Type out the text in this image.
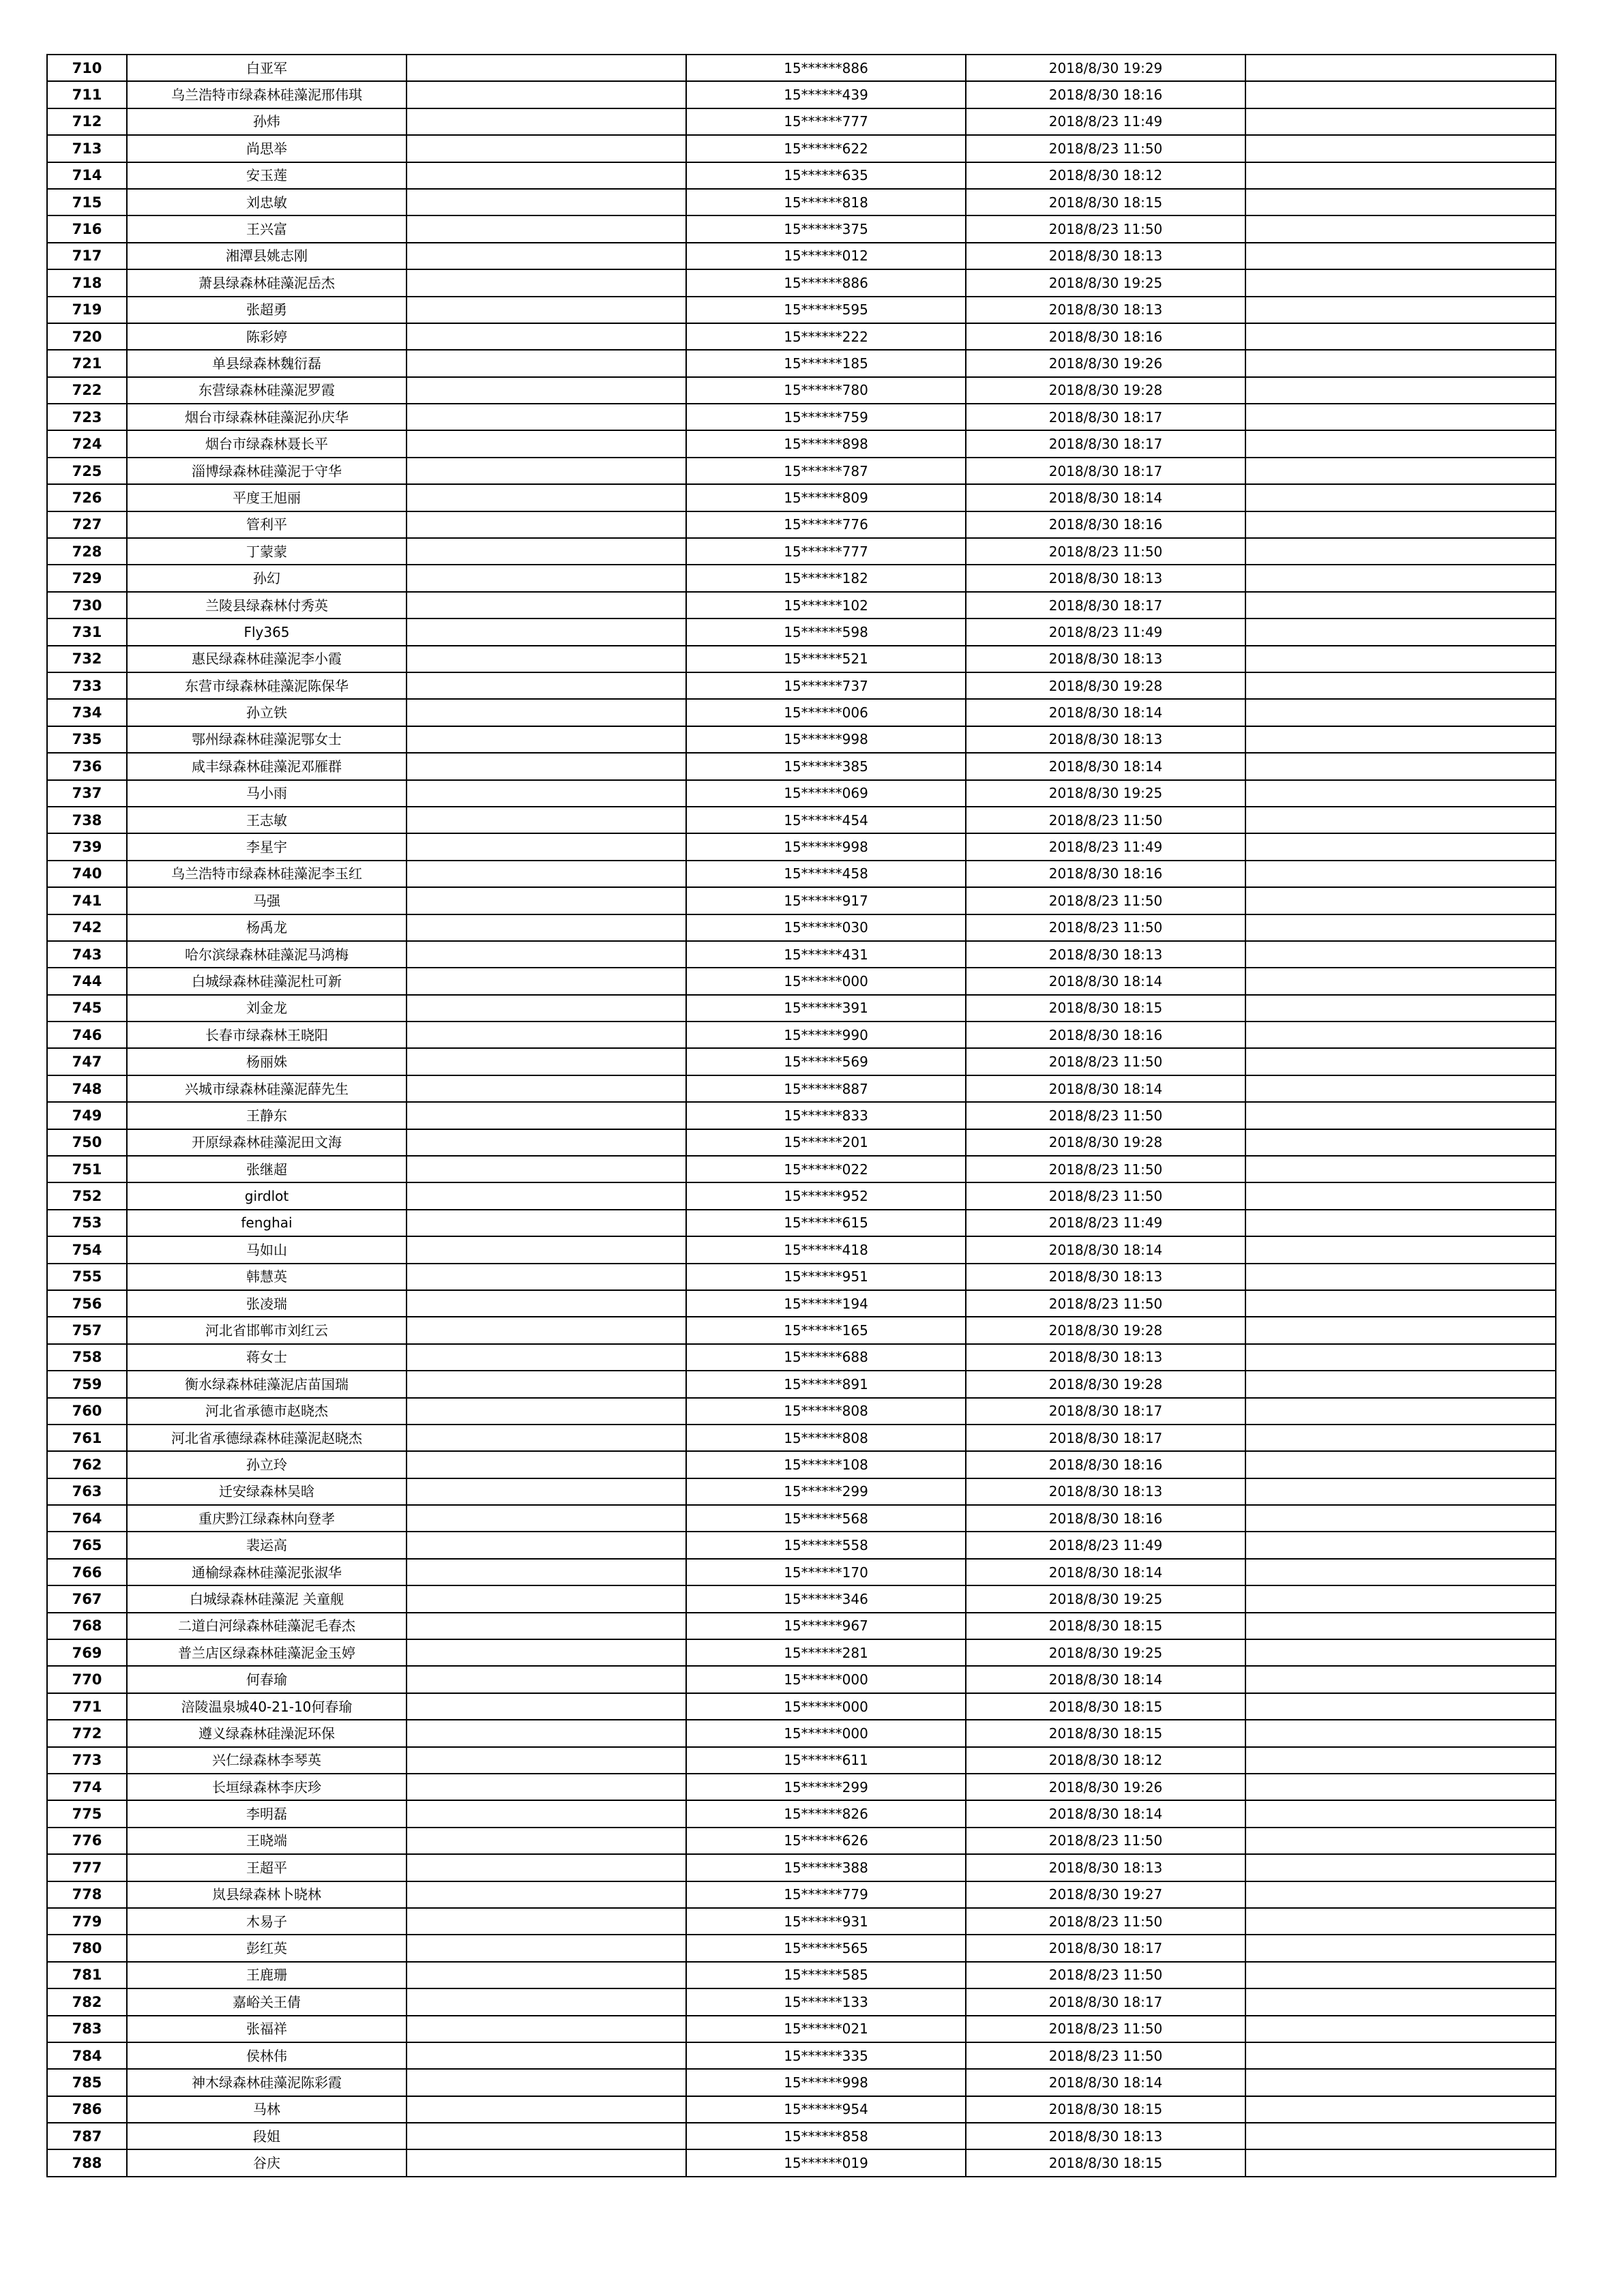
710	白亚军		15******886	2018/8/30 19:29	
711	乌兰浩特市绿森林硅藻泥邢伟琪		15******439	2018/8/30 18:16	
712	孙炜		15******777	2018/8/23 11:49	
713	尚思举		15******622	2018/8/23 11:50	
714	安玉莲		15******635	2018/8/30 18:12	
715	刘忠敏		15******818	2018/8/30 18:15	
716	王兴富		15******375	2018/8/23 11:50	
717	湘潭县姚志刚		15******012	2018/8/30 18:13	
718	萧县绿森林硅藻泥岳杰		15******886	2018/8/30 19:25	
719	张超勇		15******595	2018/8/30 18:13	
720	陈彩婷		15******222	2018/8/30 18:16	
721	单县绿森林魏衍磊		15******185	2018/8/30 19:26	
722	东营绿森林硅藻泥罗霞		15******780	2018/8/30 19:28	
723	烟台市绿森林硅藻泥孙庆华		15******759	2018/8/30 18:17	
724	烟台市绿森林聂长平		15******898	2018/8/30 18:17	
725	淄博绿森林硅藻泥于守华		15******787	2018/8/30 18:17	
726	平度王旭丽		15******809	2018/8/30 18:14	
727	管利平		15******776	2018/8/30 18:16	
728	丁蒙蒙		15******777	2018/8/23 11:50	
729	孙幻		15******182	2018/8/30 18:13	
730	兰陵县绿森林付秀英		15******102	2018/8/30 18:17	
731	Fly365		15******598	2018/8/23 11:49	
732	惠民绿森林硅藻泥李小霞		15******521	2018/8/30 18:13	
733	东营市绿森林硅藻泥陈保华		15******737	2018/8/30 19:28	
734	孙立铁		15******006	2018/8/30 18:14	
735	鄂州绿森林硅藻泥鄂女士		15******998	2018/8/30 18:13	
736	咸丰绿森林硅藻泥邓雁群		15******385	2018/8/30 18:14	
737	马小雨		15******069	2018/8/30 19:25	
738	王志敏		15******454	2018/8/23 11:50	
739	李星宇		15******998	2018/8/23 11:49	
740	乌兰浩特市绿森林硅藻泥李玉红		15******458	2018/8/30 18:16	
741	马强		15******917	2018/8/23 11:50	
742	杨禹龙		15******030	2018/8/23 11:50	
743	哈尔滨绿森林硅藻泥马鸿梅		15******431	2018/8/30 18:13	
744	白城绿森林硅藻泥杜可新		15******000	2018/8/30 18:14	
745	刘金龙		15******391	2018/8/30 18:15	
746	长春市绿森林王晓阳		15******990	2018/8/30 18:16	
747	杨丽姝		15******569	2018/8/23 11:50	
748	兴城市绿森林硅藻泥薛先生		15******887	2018/8/30 18:14	
749	王静东		15******833	2018/8/23 11:50	
750	开原绿森林硅藻泥田文海		15******201	2018/8/30 19:28	
751	张继超		15******022	2018/8/23 11:50	
752	girdlot		15******952	2018/8/23 11:50	
753	fenghai		15******615	2018/8/23 11:49	
754	马如山		15******418	2018/8/30 18:14	
755	韩慧英		15******951	2018/8/30 18:13	
756	张凌瑞		15******194	2018/8/23 11:50	
757	河北省邯郸市刘红云		15******165	2018/8/30 19:28	
758	蒋女士		15******688	2018/8/30 18:13	
759	衡水绿森林硅藻泥店苗国瑞		15******891	2018/8/30 19:28	
760	河北省承德市赵晓杰		15******808	2018/8/30 18:17	
761	河北省承德绿森林硅藻泥赵晓杰		15******808	2018/8/30 18:17	
762	孙立玲		15******108	2018/8/30 18:16	
763	迁安绿森林吴晗		15******299	2018/8/30 18:13	
764	重庆黔江绿森林向登孝		15******568	2018/8/30 18:16	
765	裴运高		15******558	2018/8/23 11:49	
766	通榆绿森林硅藻泥张淑华		15******170	2018/8/30 18:14	
767	白城绿森林硅藻泥 关童舰		15******346	2018/8/30 19:25	
768	二道白河绿森林硅藻泥毛春杰		15******967	2018/8/30 18:15	
769	普兰店区绿森林硅藻泥金玉婷		15******281	2018/8/30 19:25	
770	何春瑜		15******000	2018/8/30 18:14	
771	涪陵温泉城40-21-10何春瑜		15******000	2018/8/30 18:15	
772	遵义绿森林硅澡泥环保		15******000	2018/8/30 18:15	
773	兴仁绿森林李琴英		15******611	2018/8/30 18:12	
774	长垣绿森林李庆珍		15******299	2018/8/30 19:26	
775	李明磊		15******826	2018/8/30 18:14	
776	王晓端		15******626	2018/8/23 11:50	
777	王超平		15******388	2018/8/30 18:13	
778	岚县绿森林卜晓林		15******779	2018/8/30 19:27	
779	木易子		15******931	2018/8/23 11:50	
780	彭红英		15******565	2018/8/30 18:17	
781	王鹿珊		15******585	2018/8/23 11:50	
782	嘉峪关王倩		15******133	2018/8/30 18:17	
783	张福祥		15******021	2018/8/23 11:50	
784	侯林伟		15******335	2018/8/23 11:50	
785	神木绿森林硅藻泥陈彩霞		15******998	2018/8/30 18:14	
786	马林		15******954	2018/8/30 18:15	
787	段姐		15******858	2018/8/30 18:13	
788	谷庆		15******019	2018/8/30 18:15	
